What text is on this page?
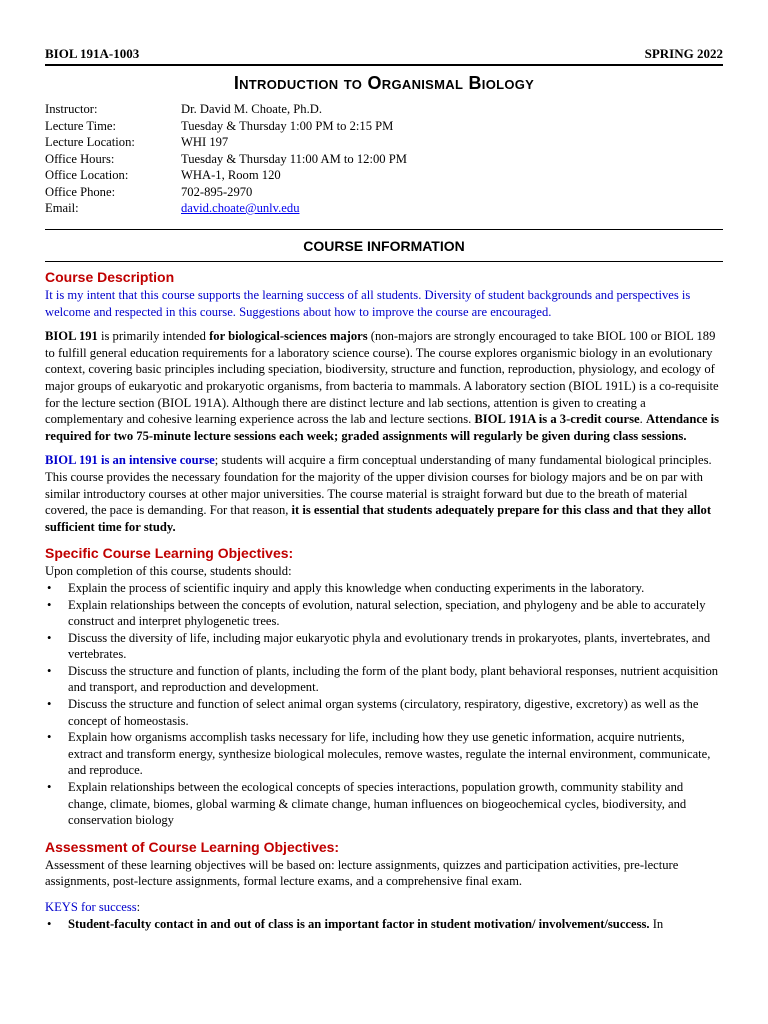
BIOL 191A-1003	SPRING 2022
Introduction to Organismal Biology
Instructor:	Dr. David M. Choate, Ph.D.
Lecture Time:	Tuesday & Thursday 1:00 PM to 2:15 PM
Lecture Location:	WHI 197
Office Hours:	Tuesday & Thursday 11:00 AM to 12:00 PM
Office Location:	WHA-1, Room 120
Office Phone:	702-895-2970
Email:	david.choate@unlv.edu
COURSE INFORMATION
Course Description

It is my intent that this course supports the learning success of all students. Diversity of student backgrounds and perspectives is welcome and respected in this course. Suggestions about how to improve the course are encouraged.

BIOL 191 is primarily intended for biological-sciences majors (non-majors are strongly encouraged to take BIOL 100 or BIOL 189 to fulfill general education requirements for a laboratory science course). The course explores organismic biology in an evolutionary context, covering basic principles including speciation, biodiversity, structure and function, reproduction, physiology, and ecology of major groups of eukaryotic and prokaryotic organisms, from bacteria to mammals. A laboratory section (BIOL 191L) is a co-requisite for the lecture section (BIOL 191A). Although there are distinct lecture and lab sections, attention is given to creating a complementary and cohesive learning experience across the lab and lecture sections. BIOL 191A is a 3-credit course. Attendance is required for two 75-minute lecture sessions each week; graded assignments will regularly be given during class sessions.

BIOL 191 is an intensive course; students will acquire a firm conceptual understanding of many fundamental biological principles. This course provides the necessary foundation for the majority of the upper division courses for biology majors and be on par with similar introductory courses at other major universities. The course material is straight forward but due to the breath of material covered, the pace is demanding. For that reason, it is essential that students adequately prepare for this class and that they allot sufficient time for study.

Specific Course Learning Objectives:

Upon completion of this course, students should:

• Explain the process of scientific inquiry and apply this knowledge when conducting experiments in the laboratory.
• Explain relationships between the concepts of evolution, natural selection, speciation, and phylogeny and be able to accurately construct and interpret phylogenetic trees.
• Discuss the diversity of life, including major eukaryotic phyla and evolutionary trends in prokaryotes, plants, invertebrates, and vertebrates.
• Discuss the structure and function of plants, including the form of the plant body, plant behavioral responses, nutrient acquisition and transport, and reproduction and development.
• Discuss the structure and function of select animal organ systems (circulatory, respiratory, digestive, excretory) as well as the concept of homeostasis.
• Explain how organisms accomplish tasks necessary for life, including how they use genetic information, acquire nutrients, extract and transform energy, synthesize biological molecules, remove wastes, regulate the internal environment, communicate, and reproduce.
• Explain relationships between the ecological concepts of species interactions, population growth, community stability and change, climate, biomes, global warming & climate change, human influences on biogeochemical cycles, biodiversity, and conservation biology
Assessment of Course Learning Objectives:

Assessment of these learning objectives will be based on: lecture assignments, quizzes and participation activities, pre-lecture assignments, post-lecture assignments, formal lecture exams, and a comprehensive final exam.

KEYS for success:

• Student-faculty contact in and out of class is an important factor in student motivation/ involvement/success. In
